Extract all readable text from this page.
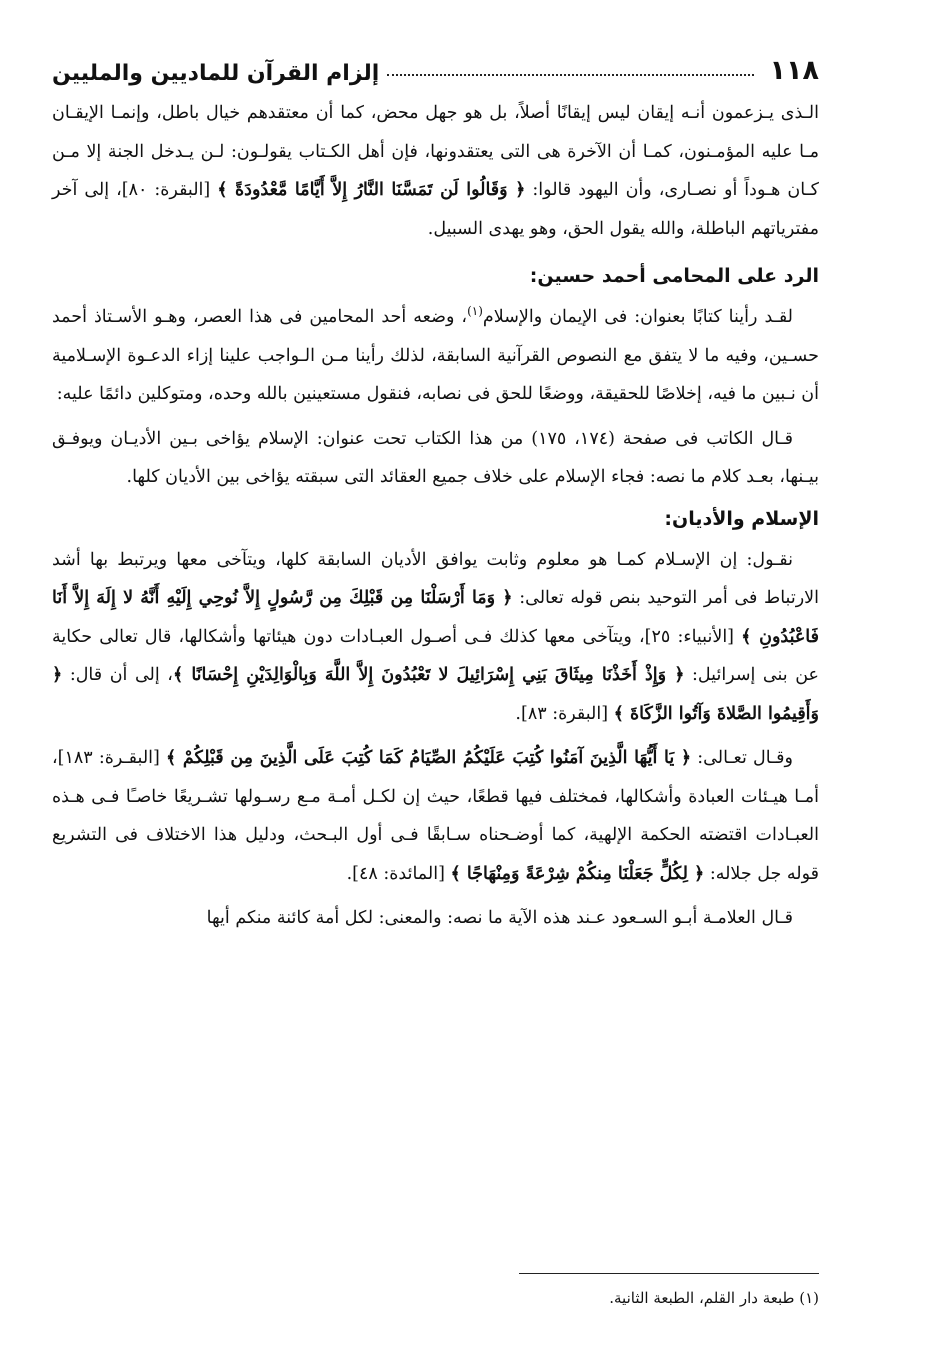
١١٨
إلزام القرآن للماديين والمليين

الـذى يـزعمون أنـه إيقان ليس إيقانًا أصلاً، بل هو جهل محض، كما أن معتقدهم خيال باطل، وإنمـا الإيقـان مـا عليه المؤمـنون، كمـا أن الآخرة هى التى يعتقدونها، فإن أهل الكـتاب يقولـون: لـن يـدخل الجنة إلا مـن كـان هـوداً أو نصـارى، وأن اليهود قالوا: ﴿ وَقَالُوا لَن تَمَسَّنَا النَّارُ إِلاَّ أَيَّامًا مَّعْدُودَةً ﴾ [البقرة: ٨٠]، إلى آخر مفترياتهم الباطلة، والله يقول الحق، وهو يهدى السبيل.

الرد على المحامى أحمد حسين:

لقـد رأينا كتابًا بعنوان: فى الإيمان والإسلام$^{(١)}$، وضعه أحد المحامين فى هذا العصر، وهـو الأسـتاذ أحمد حسـين، وفيه ما لا يتفق مع النصوص القرآنية السابقة، لذلك رأينا مـن الـواجب علينا إزاء الدعـوة الإسـلامية أن نـبين ما فيه، إخلاصًا للحقيقة، ووضعًا للحق فى نصابه، فنقول مستعينين بالله وحده، ومتوكلين دائمًا عليه:

قـال الكاتب فى صفحة (١٧٤، ١٧٥) من هذا الكتاب تحت عنوان: الإسلام يؤاخى بـين الأديـان ويوفـق بيـنها، بعـد كلام ما نصه: فجاء الإسلام على خلاف جميع العقائد التى سبقته يؤاخى بين الأديان كلها.

الإسلام والأديان:

نقـول: إن الإسـلام كمـا هو معلوم وثابت يوافق الأديان السابقة كلها، ويتآخى معها ويرتبط بها أشد الارتباط فى أمر التوحيد بنص قوله تعالى: ﴿ وَمَا أَرْسَلْنَا مِن قَبْلِكَ مِن رَّسُولٍ إِلاَّ نُوحِي إِلَيْهِ أَنَّهُ لا إِلَهَ إِلاَّ أَنَا فَاعْبُدُونِ ﴾ [الأنبياء: ٢٥]، ويتآخى معها كذلك فـى أصـول العبـادات دون هيئاتها وأشكالها، قال تعالى حكاية عن بنى إسرائيل: ﴿ وَإِذْ أَخَذْنَا مِيثَاقَ بَنِي إِسْرَائِيلَ لا تَعْبُدُونَ إِلاَّ اللَّهَ وَبِالْوَالِدَيْنِ إِحْسَانًا ﴾، إلى أن قال: ﴿ وَأَقِيمُوا الصَّلاةَ وَآتُوا الزَّكَاةَ ﴾ [البقرة: ٨٣].

وقـال تعـالى: ﴿ يَا أَيُّهَا الَّذِينَ آمَنُوا كُتِبَ عَلَيْكُمُ الصِّيَامُ كَمَا كُتِبَ عَلَى الَّذِينَ مِن قَبْلِكُمْ ﴾ [البقـرة: ١٨٣]، أمـا هيـئات العبادة وأشكالها، فمختلف فيها قطعًا، حيث إن لكـل أمـة مـع رسـولها تشـريعًا خاصـًا فـى هـذه العبـادات اقتضته الحكمة الإلهية، كما أوضـحناه سـابقًا فـى أول البـحث، ودليل هذا الاختلاف فى التشريع قوله جل جلاله: ﴿ لِكُلٍّ جَعَلْنَا مِنكُمْ شِرْعَةً وَمِنْهَاجًا ﴾ [المائدة: ٤٨].

قـال العلامـة أبـو السـعود عـند هذه الآية ما نصه: والمعنى: لكل أمة كائنة منكم أيها

(١) طبعة دار القلم، الطبعة الثانية.
